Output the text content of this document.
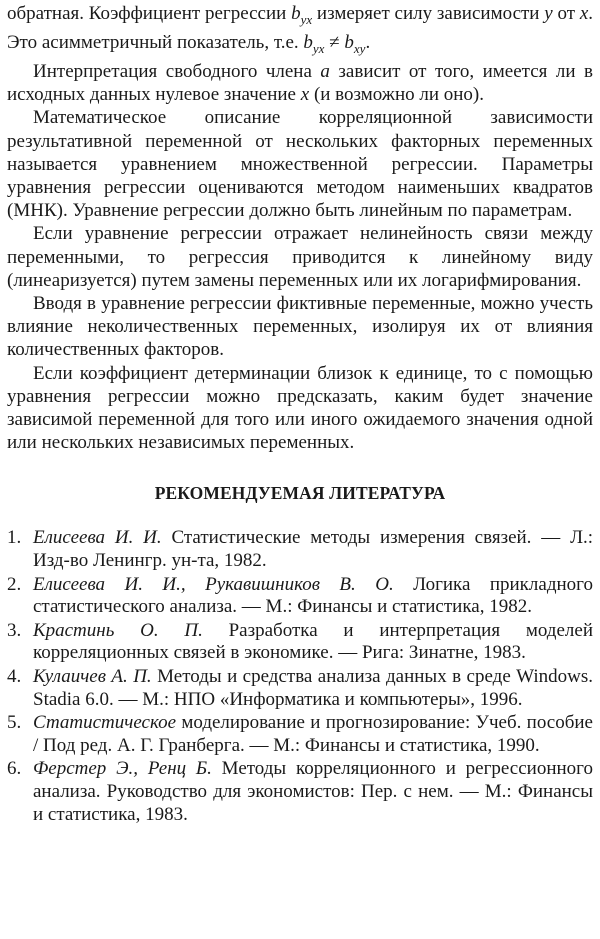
обратная. Коэффициент регрессии $b_{yx}$ измеряет силу зависимости y от x. Это асимметричный показатель, т.е. $b_{yx} \ne b_{xy}$.

Интерпретация свободного члена a зависит от того, имеется ли в исходных данных нулевое значение x (и возможно ли оно).

Математическое описание корреляционной зависимости результативной переменной от нескольких факторных переменных называется уравнением множественной регрессии. Параметры уравнения регрессии оцениваются методом наименьших квадратов (МНК). Уравнение регрессии должно быть линейным по параметрам.

Если уравнение регрессии отражает нелинейность связи между переменными, то регрессия приводится к линейному виду (линеаризуется) путем замены переменных или их логарифмирования.

Вводя в уравнение регрессии фиктивные переменные, можно учесть влияние неколичественных переменных, изолируя их от влияния количественных факторов.

Если коэффициент детерминации близок к единице, то с помощью уравнения регрессии можно предсказать, каким будет значение зависимой переменной для того или иного ожидаемого значения одной или нескольких независимых переменных.

РЕКОМЕНДУЕМАЯ ЛИТЕРАТУРА
1. Елисеева И. И. Статистические методы измерения связей. — Л.: Изд-во Ленингр. ун-та, 1982.
2. Елисеева И. И., Рукавишников В. О. Логика прикладного статистического анализа. — М.: Финансы и статистика, 1982.
3. Крастинь О. П. Разработка и интерпретация моделей корреляционных связей в экономике. — Рига: Зинатне, 1983.
4. Кулаичев А. П. Методы и средства анализа данных в среде Windows. Stadia 6.0. — М.: НПО «Информатика и компьютеры», 1996.
5. Статистическое моделирование и прогнозирование: Учеб. пособие / Под ред. А. Г. Гранберга. — М.: Финансы и статистика, 1990.
6. Ферстер Э., Ренц Б. Методы корреляционного и регрессионного анализа. Руководство для экономистов: Пер. с нем. — М.: Финансы и статистика, 1983.
